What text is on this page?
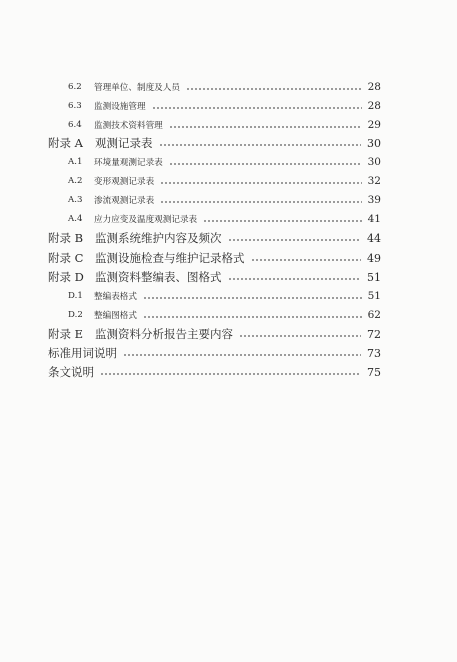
6.2 管理单位、制度及人员	28
6.3 监测设施管理	28
6.4 监测技术资料管理	29
附录 A 观测记录表	30
A.1 环境量观测记录表	30
A.2 变形观测记录表	32
A.3 渗流观测记录表	39
A.4 应力应变及温度观测记录表	41
附录 B 监测系统维护内容及频次	44
附录 C 监测设施检查与维护记录格式	49
附录 D 监测资料整编表、图格式	51
D.1 整编表格式	51
D.2 整编图格式	62
附录 E 监测资料分析报告主要内容	72
标准用词说明	73
条文说明	75
